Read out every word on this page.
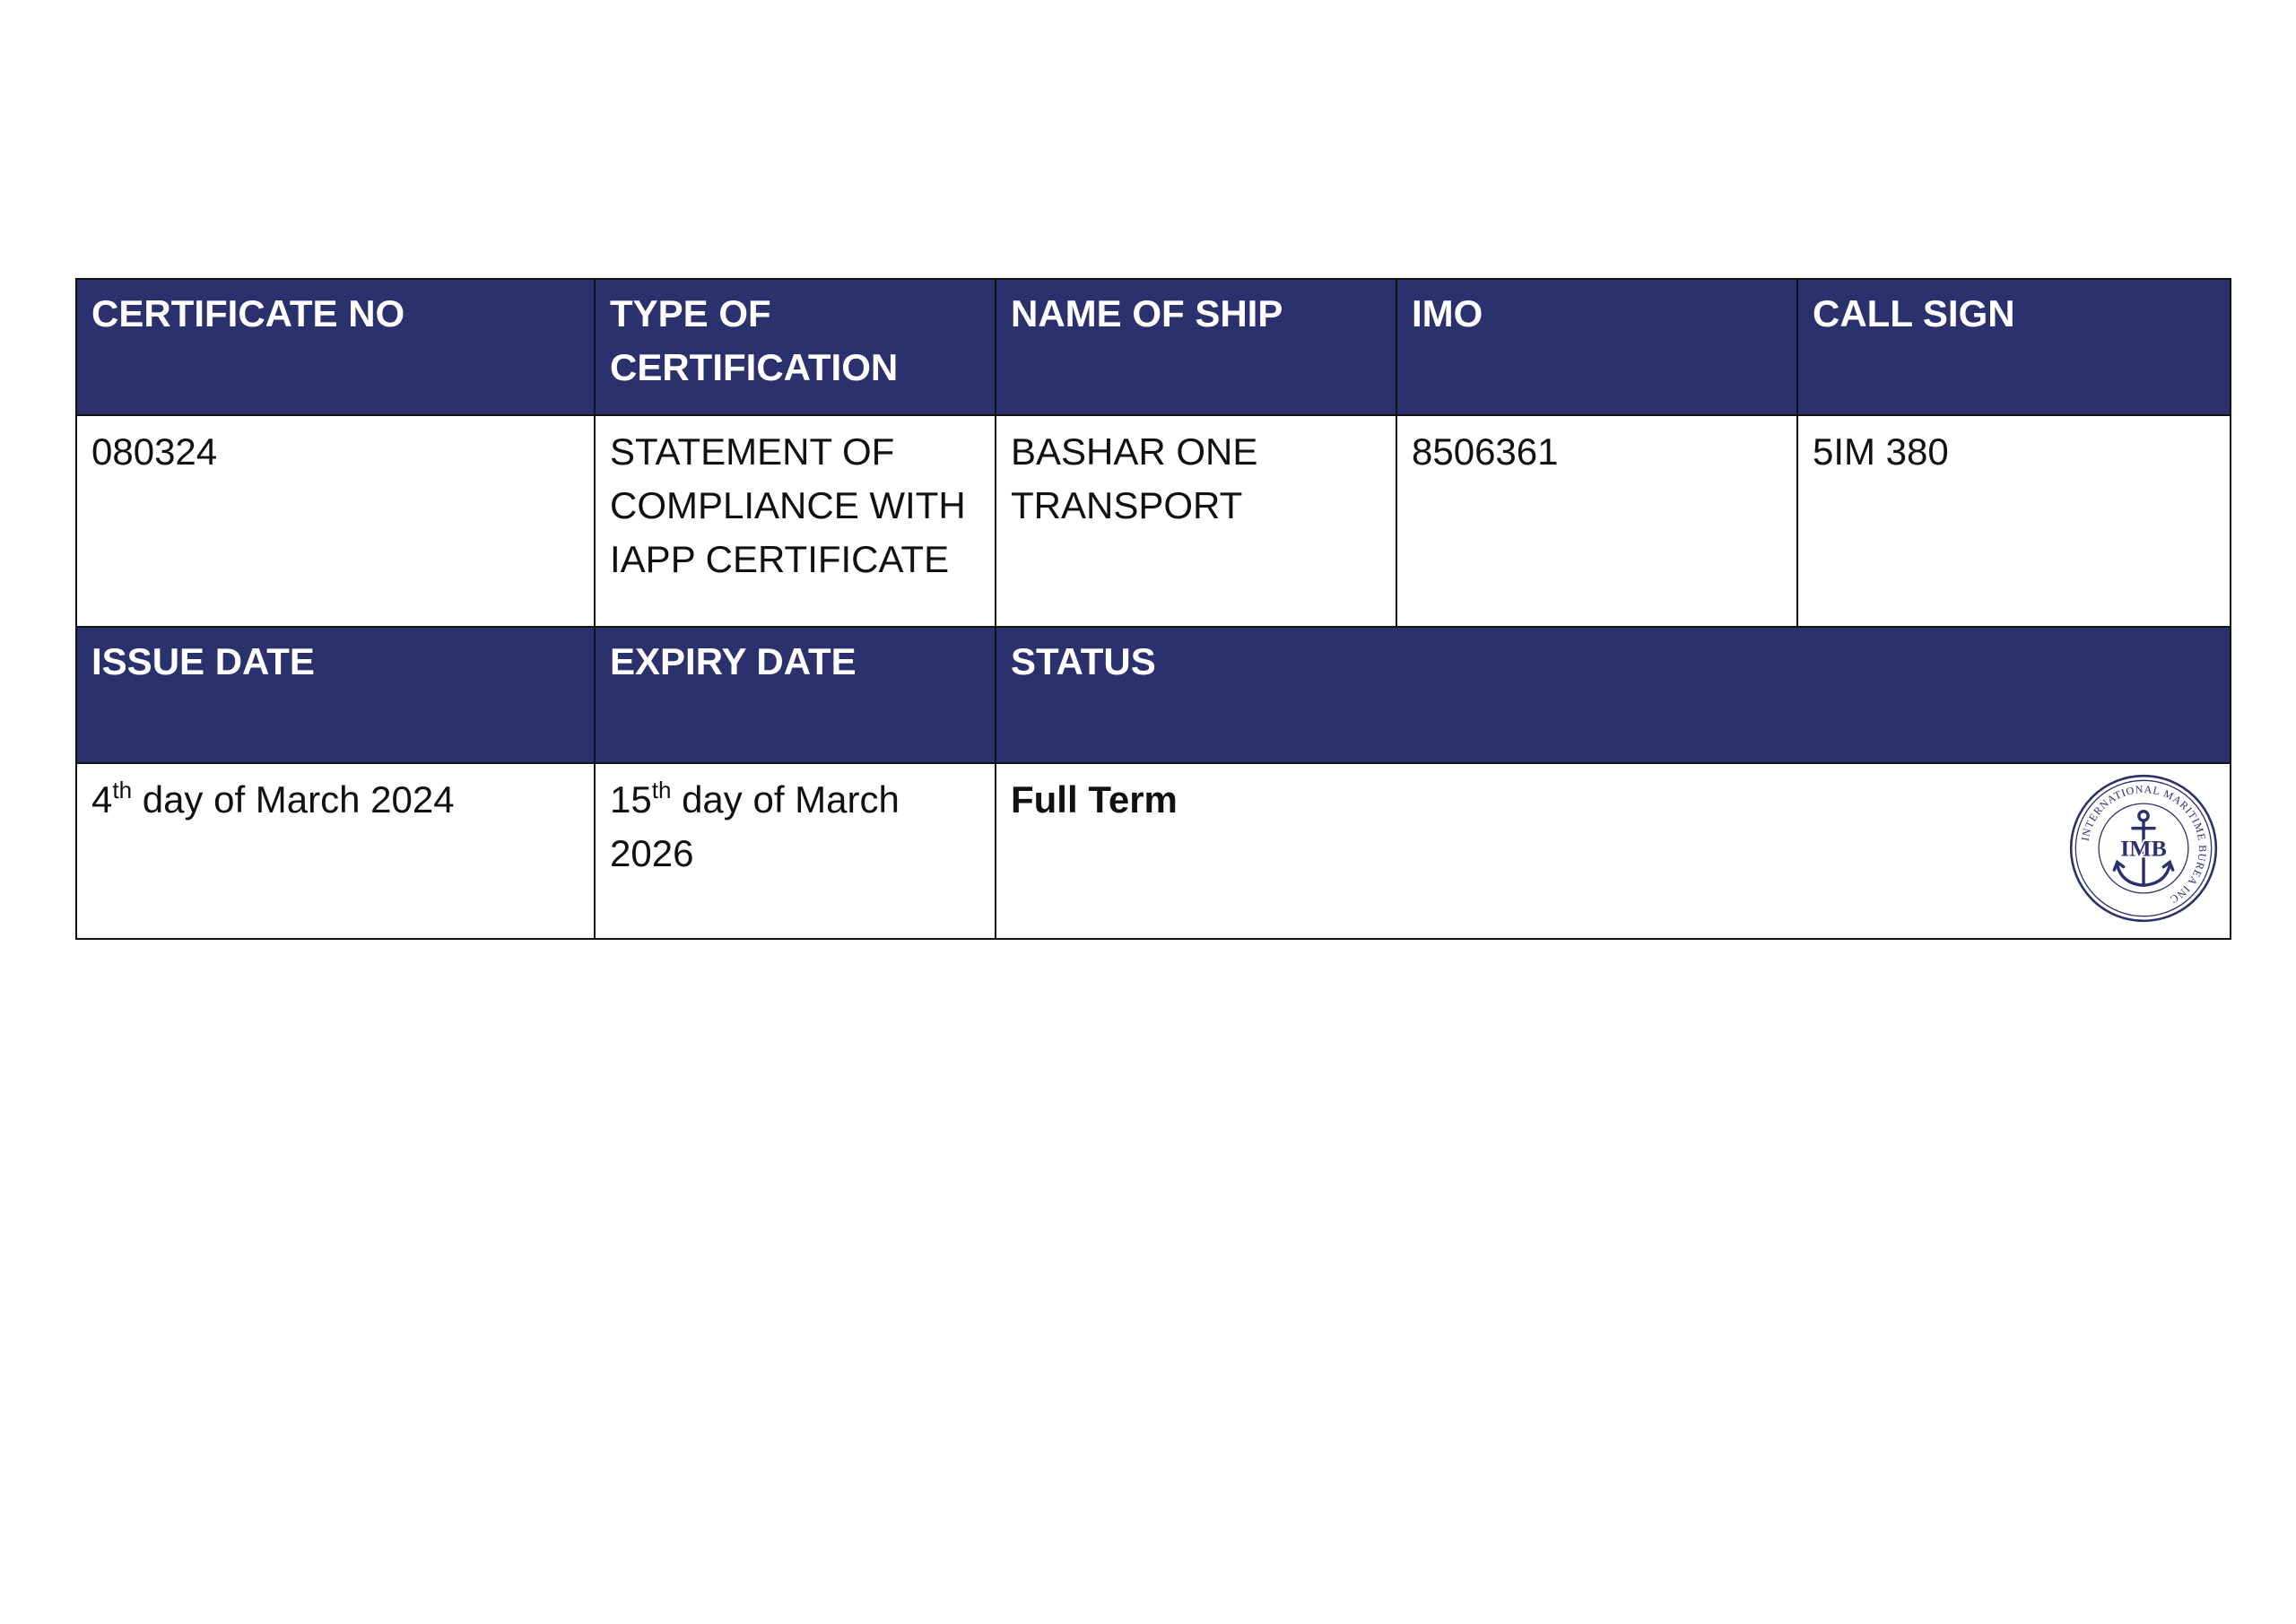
CERTIFICATE NO	TYPE OF CERTIFICATION	NAME OF SHIP	IMO	CALL SIGN
080324	STATEMENT OF COMPLIANCE WITH IAPP CERTIFICATE	BASHAR ONE TRANSPORT	8506361	5IM 380
ISSUE DATE	EXPIRY DATE	STATUS		
4th day of March 2024	15th day of March 2026	Full Term
INTERNATIONAL MARITIME BUREA INC
IMB		
